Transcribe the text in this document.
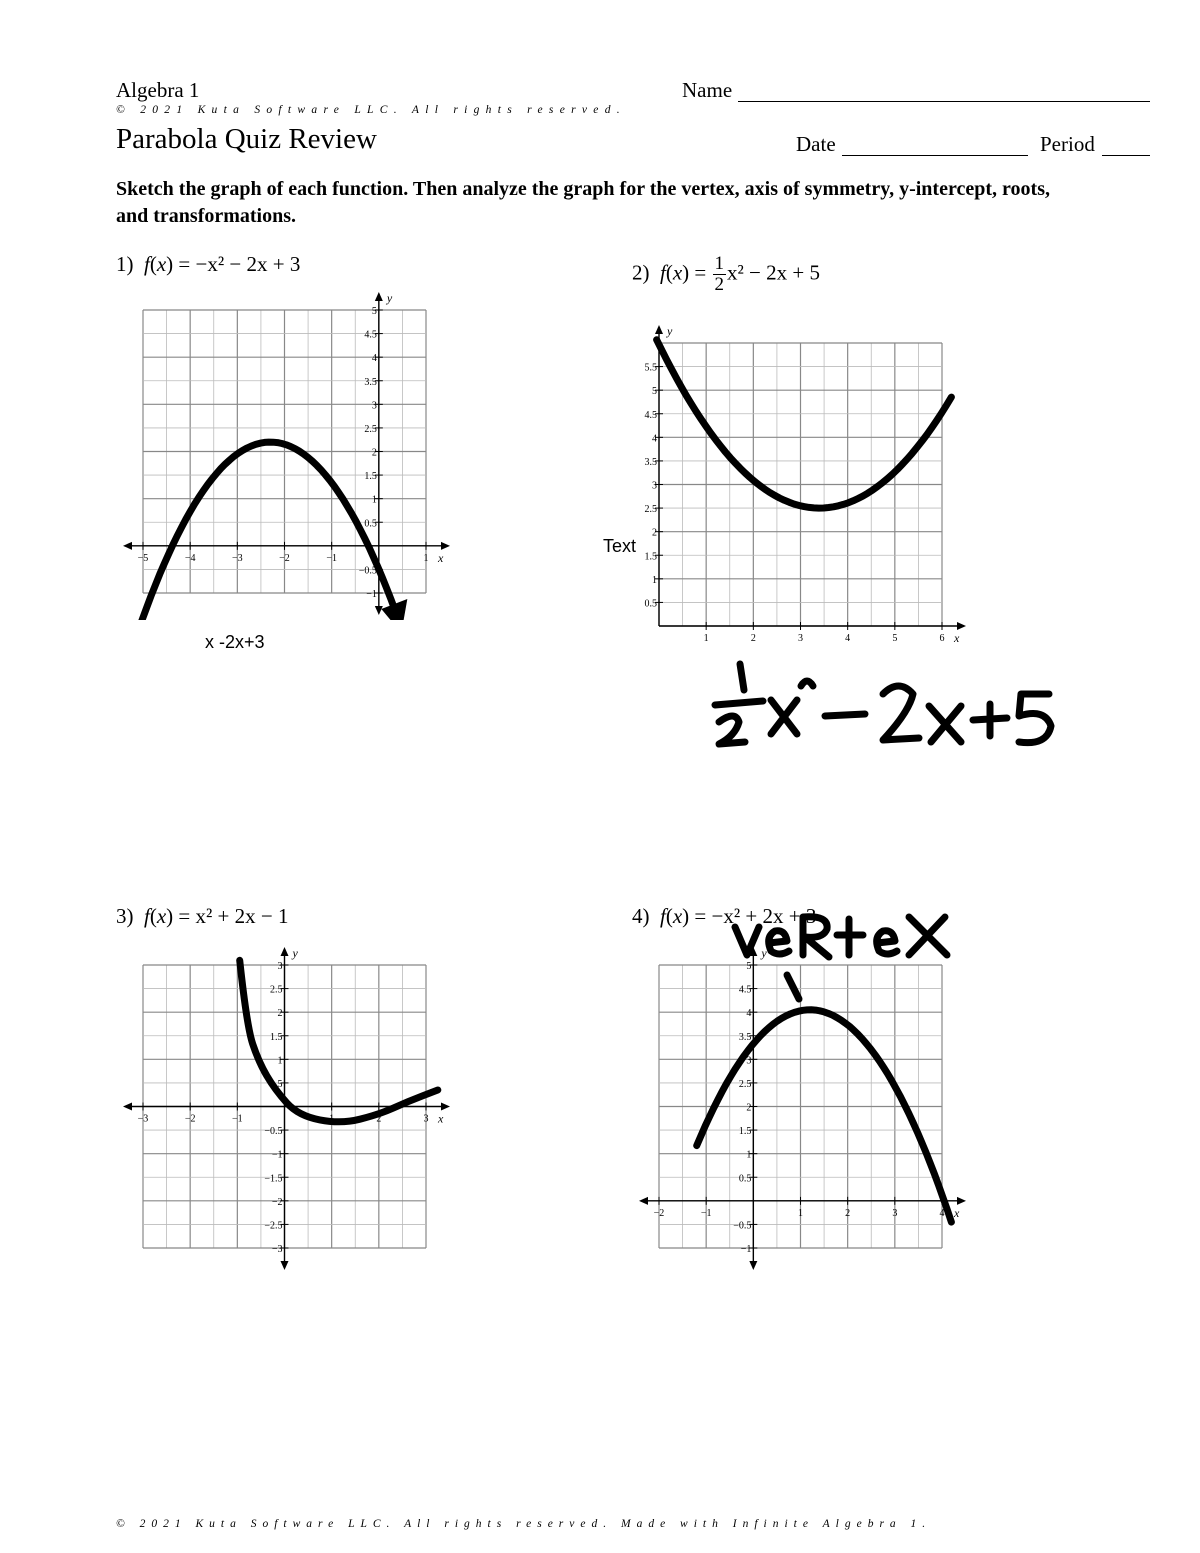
Algebra 1	Name
© 2021 Kuta Software LLC. All rights reserved.
Parabola Quiz Review	Date	Period
Sketch the graph of each function. Then analyze the graph for the vertex, axis of symmetry, y-intercept, roots, and transformations.
1) f(x) = −x² − 2x + 3
x
y
−5	−4	−3	−2	−1	1
−1
−0.5
0.5
1
1.5
2
2.5
3
3.5
4
4.5
5
x -2x+3
2) $f(x) = \frac{1}{2} x^2 - 2x + 5$
x
y
1	2	3	4	5	6
0.5
1
1.5
2
2.5
3
3.5
4
4.5
5
5.5
Text
3) f(x) = x² + 2x − 1
x
y
−3	−2	−1	1	2	3
−3
−2.5
−2
−1.5
−1
−0.5
0.5
1
1.5
2
2.5
3
4) f(x) = −x² + 2x + 3
x
y
−2	−1	1	2	3	4
−1
−0.5
0.5
1
1.5
2
2.5
3
3.5
4
4.5
5
© 2021 Kuta Software LLC. All rights reserved. Made with Infinite Algebra 1.
